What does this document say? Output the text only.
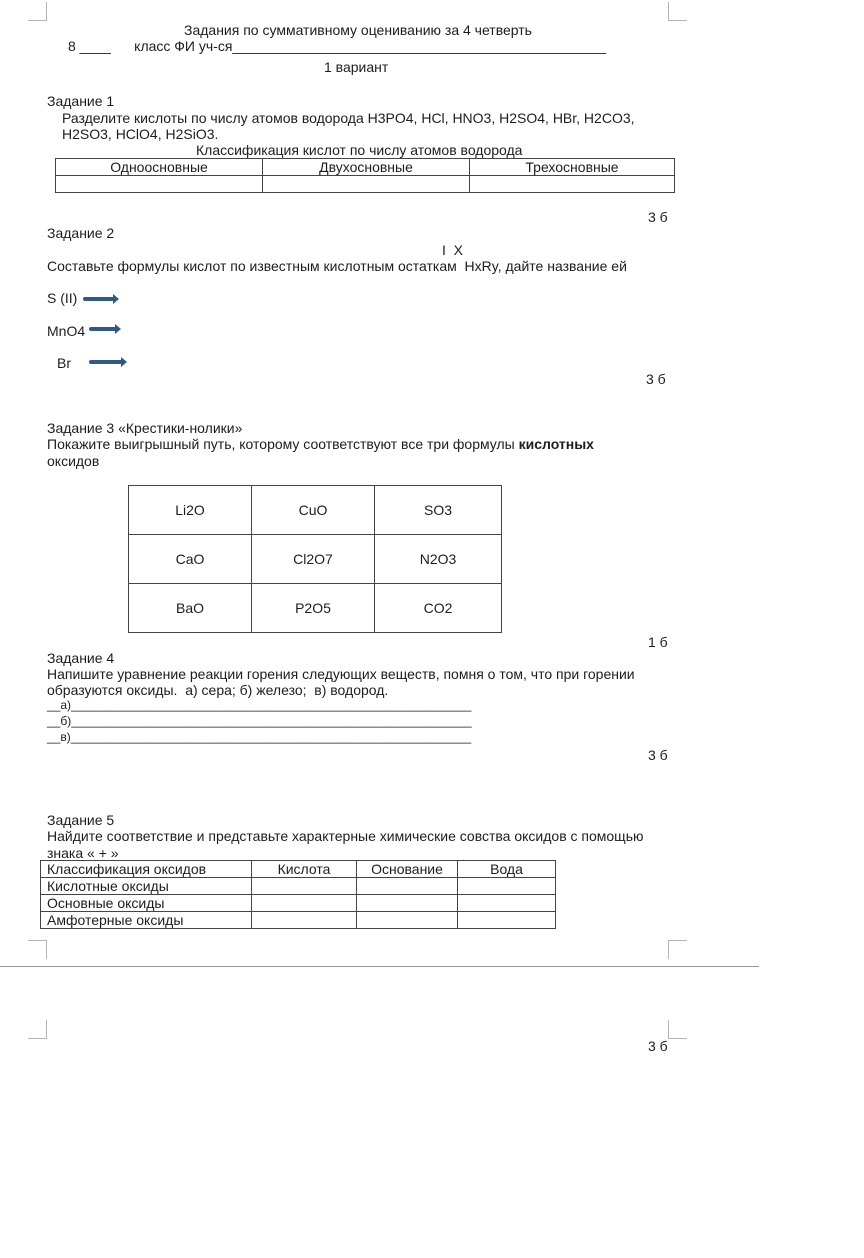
Задания по суммативному оцениванию за 4 четверть
8 ____      класс ФИ уч-ся________________________________________________
1 вариант
Задание 1
Разделите кислоты по числу атомов водорода H3PO4, HCl, HNO3, H2SO4, HBr, H2CO3,
H2SO3, HClO4, H2SiO3.
Классификация кислот по числу атомов водорода
Одноосновные	Двухосновные	Трехосновные

3 б
Задание 2
I  X
Составьте формулы кислот по известным кислотным остаткам  HxRy, дайте название ей
S (II)
MnO4
Br
3 б
Задание 3 «Крестики-нолики»
Покажите выигрышный путь, которому соответствуют все три формулы кислотных
оксидов
Li2O	CuO	SO3
CaO	Cl2O7	N2O3
BaO	P2O5	CO2
1 б
Задание 4
Напишите уравнение реакции горения следующих веществ, помня о том, что при горении
образуются оксиды.  а) сера; б) железо;  в) водород.
__а)____________________________________________________________
__б)____________________________________________________________
__в)____________________________________________________________
3 б
Задание 5
Найдите соответствие и представьте характерные химические совства оксидов с помощью
знака « + »
Классификация оксидов	Кислота	Основание	Вода
Кислотные оксиды			
Основные оксиды			
Амфотерные оксиды			
3 б
